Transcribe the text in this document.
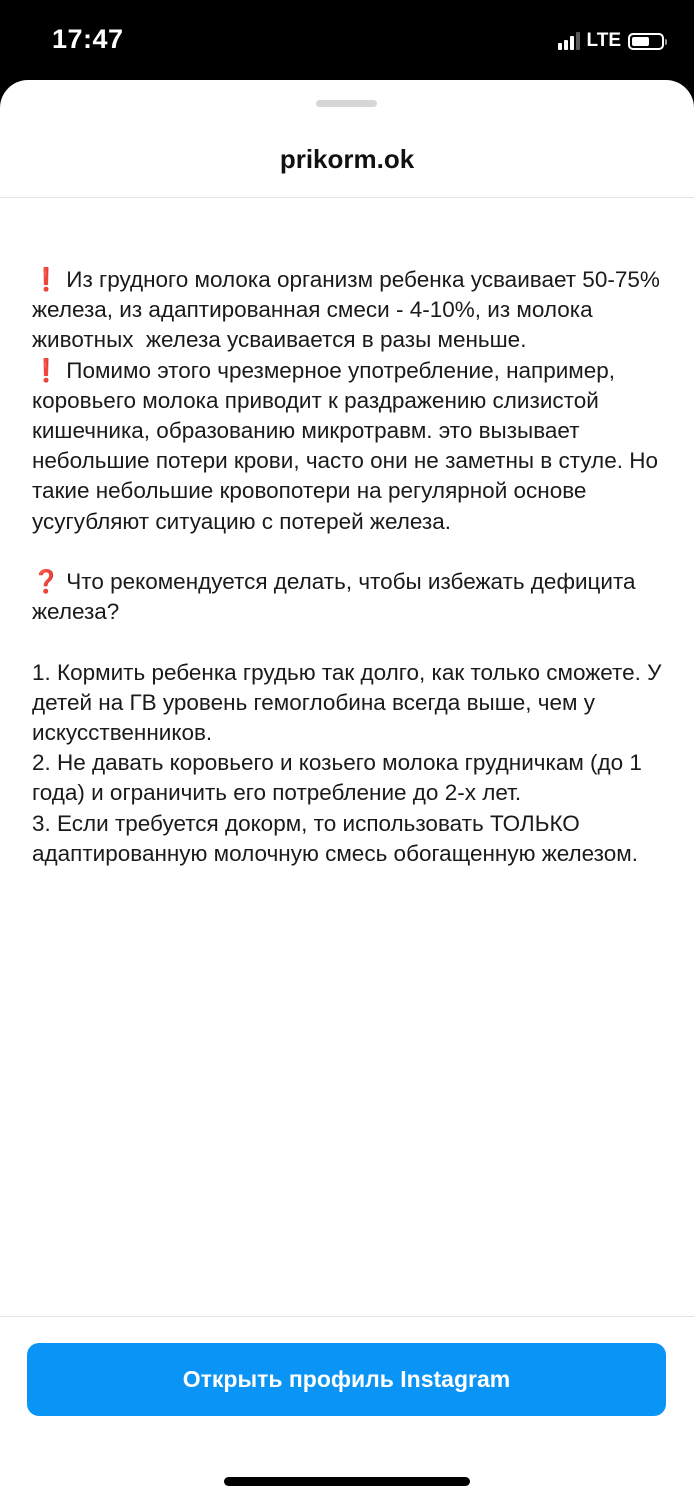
17:47	LTE
prikorm.ok
❗ Из грудного молока организм ребенка усваивает 50-75% железа, из адаптированная смеси - 4-10%, из молока животных  железа усваивается в разы меньше.
❗ Помимо этого чрезмерное употребление, например, коровьего молока приводит к раздражению слизистой кишечника, образованию микротравм. это вызывает небольшие потери крови, часто они не заметны в стуле. Но такие небольшие кровопотери на регулярной основе усугубляют ситуацию с потерей железа.

❓ Что рекомендуется делать, чтобы избежать дефицита железа?

1. Кормить ребенка грудью так долго, как только сможете. У детей на ГВ уровень гемоглобина всегда выше, чем у искусственников.
2. Не давать коровьего и козьего молока грудничкам (до 1 года) и ограничить его потребление до 2-х лет.
3. Если требуется докорм, то использовать ТОЛЬКО адаптированную молочную смесь обогащенную железом.
Открыть профиль Instagram
